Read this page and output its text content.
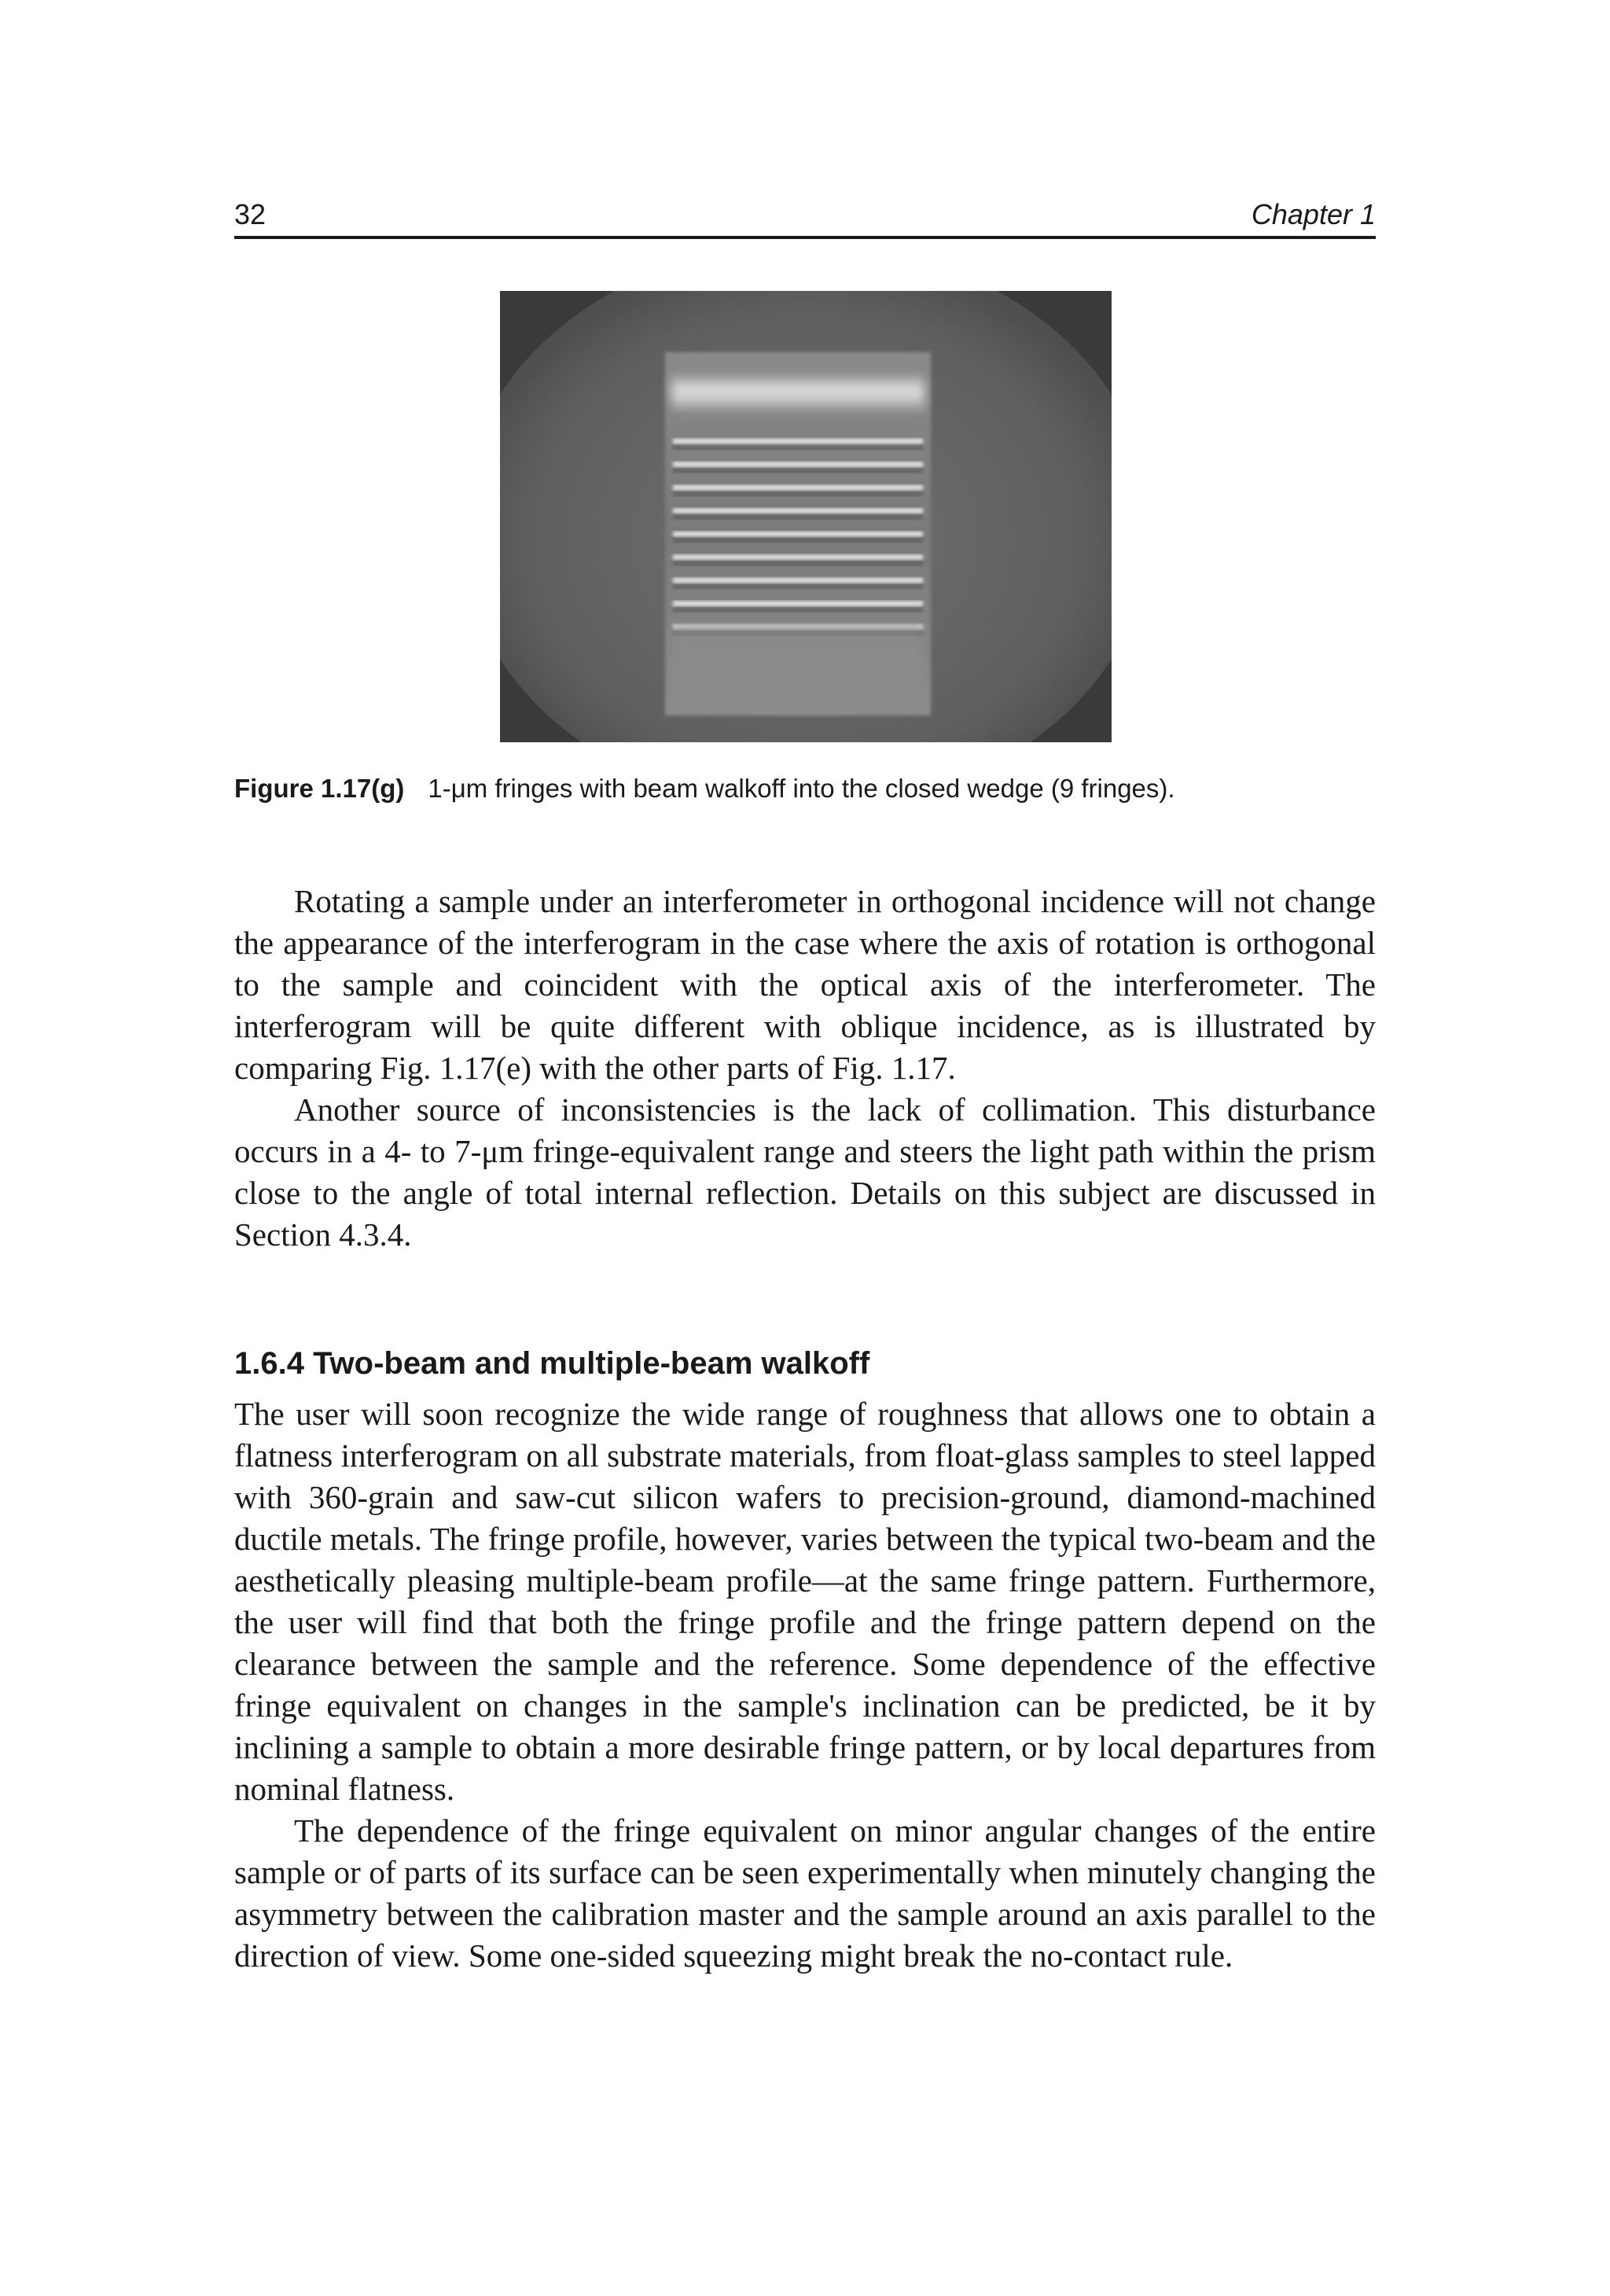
32	Chapter 1
Figure 1.17(g) 1-μm fringes with beam walkoff into the closed wedge (9 fringes).

Rotating a sample under an interferometer in orthogonal incidence will not change the appearance of the interferogram in the case where the axis of rotation is orthogonal to the sample and coincident with the optical axis of the interferometer. The interferogram will be quite different with oblique incidence, as is illustrated by comparing Fig. 1.17(e) with the other parts of Fig. 1.17.

Another source of inconsistencies is the lack of collimation. This disturbance occurs in a 4- to 7-μm fringe-equivalent range and steers the light path within the prism close to the angle of total internal reflection. Details on this subject are discussed in Section 4.3.4.

1.6.4 Two-beam and multiple-beam walkoff

The user will soon recognize the wide range of roughness that allows one to obtain a flatness interferogram on all substrate materials, from float-glass samples to steel lapped with 360-grain and saw-cut silicon wafers to precision-ground, diamond-machined ductile metals. The fringe profile, however, varies between the typical two-beam and the aesthetically pleasing multiple-beam profile—at the same fringe pattern. Furthermore, the user will find that both the fringe profile and the fringe pattern depend on the clearance between the sample and the reference. Some dependence of the effective fringe equivalent on changes in the sample's inclination can be predicted, be it by inclining a sample to obtain a more desirable fringe pattern, or by local departures from nominal flatness.

The dependence of the fringe equivalent on minor angular changes of the entire sample or of parts of its surface can be seen experimentally when minutely changing the asymmetry between the calibration master and the sample around an axis parallel to the direction of view. Some one-sided squeezing might break the no-contact rule.
